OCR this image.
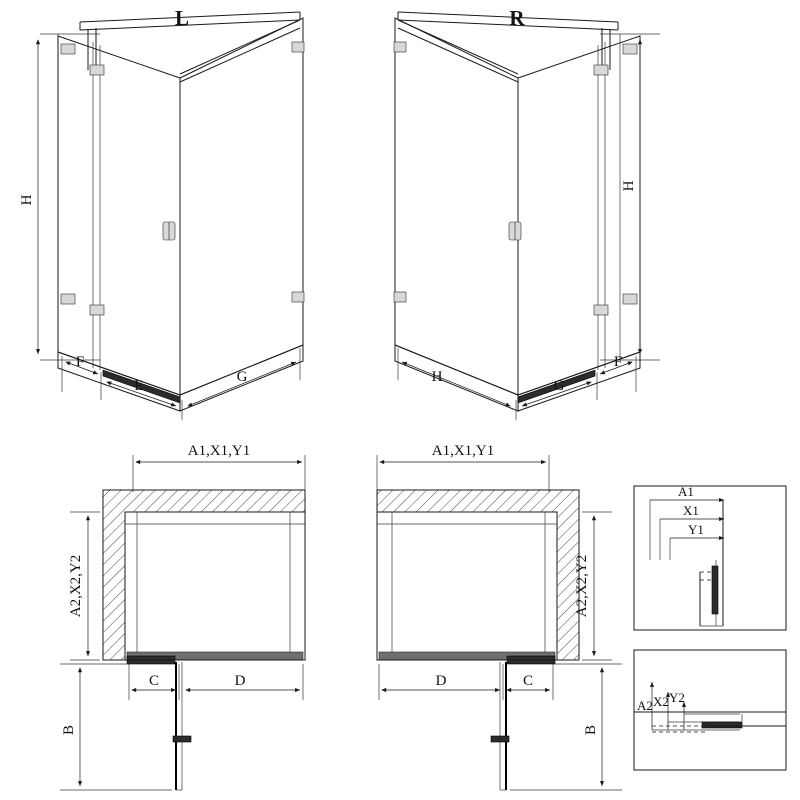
H
L
F
E
G
H
R
F
G
H
A1,X1,Y1
A2,X2,Y2
C	D
B
A1,X1,Y1
A2,X2,Y2
D	C
B
A1
X1
Y1
A2 X2 Y2
